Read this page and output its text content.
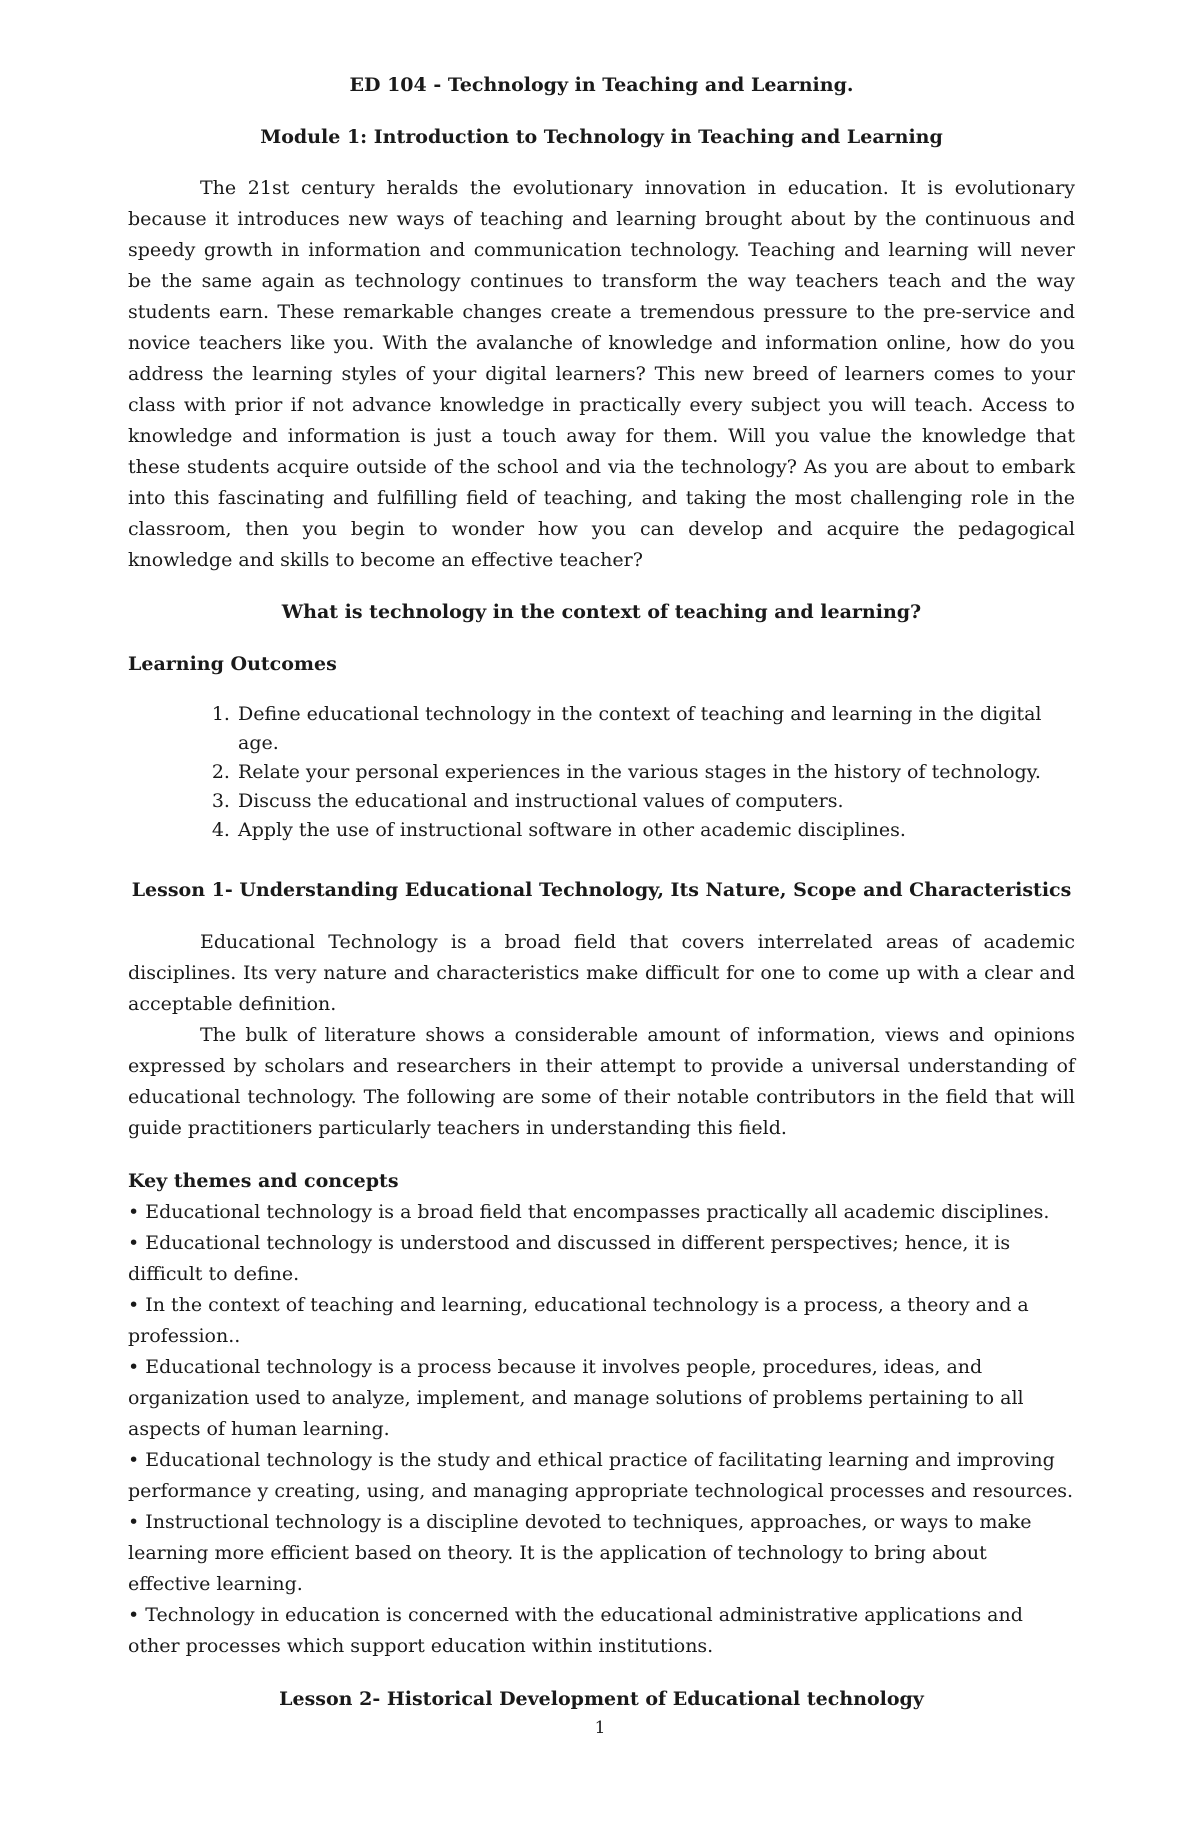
ED 104 - Technology in Teaching and Learning.

Module 1: Introduction to Technology in Teaching and Learning

The 21st century heralds the evolutionary innovation in education. It is evolutionary because it introduces new ways of teaching and learning brought about by the continuous and speedy growth in information and communication technology. Teaching and learning will never be the same again as technology continues to transform the way teachers teach and the way students earn. These remarkable changes create a tremendous pressure to the pre-service and novice teachers like you. With the avalanche of knowledge and information online, how do you address the learning styles of your digital learners? This new breed of learners comes to your class with prior if not advance knowledge in practically every subject you will teach. Access to knowledge and information is just a touch away for them. Will you value the knowledge that these students acquire outside of the school and via the technology? As you are about to embark into this fascinating and fulfilling field of teaching, and taking the most challenging role in the classroom, then you begin to wonder how you can develop and acquire the pedagogical knowledge and skills to become an effective teacher?

What is technology in the context of teaching and learning?

Learning Outcomes

1. Define educational technology in the context of teaching and learning in the digital age.
2. Relate your personal experiences in the various stages in the history of technology.
3. Discuss the educational and instructional values of computers.
4. Apply the use of instructional software in other academic disciplines.

Lesson 1- Understanding Educational Technology, Its Nature, Scope and Characteristics

Educational Technology is a broad field that covers interrelated areas of academic disciplines. Its very nature and characteristics make difficult for one to come up with a clear and acceptable definition.

The bulk of literature shows a considerable amount of information, views and opinions expressed by scholars and researchers in their attempt to provide a universal understanding of educational technology. The following are some of their notable contributors in the field that will guide practitioners particularly teachers in understanding this field.

Key themes and concepts

• Educational technology is a broad field that encompasses practically all academic disciplines.

• Educational technology is understood and discussed in different perspectives; hence, it is difficult to define.

• In the context of teaching and learning, educational technology is a process, a theory and a profession..

• Educational technology is a process because it involves people, procedures, ideas, and organization used to analyze, implement, and manage solutions of problems pertaining to all aspects of human learning.

• Educational technology is the study and ethical practice of facilitating learning and improving performance y creating, using, and managing appropriate technological processes and resources.

• Instructional technology is a discipline devoted to techniques, approaches, or ways to make learning more efficient based on theory. It is the application of technology to bring about effective learning.

• Technology in education is concerned with the educational administrative applications and other processes which support education within institutions.

Lesson 2- Historical Development of Educational technology

1
